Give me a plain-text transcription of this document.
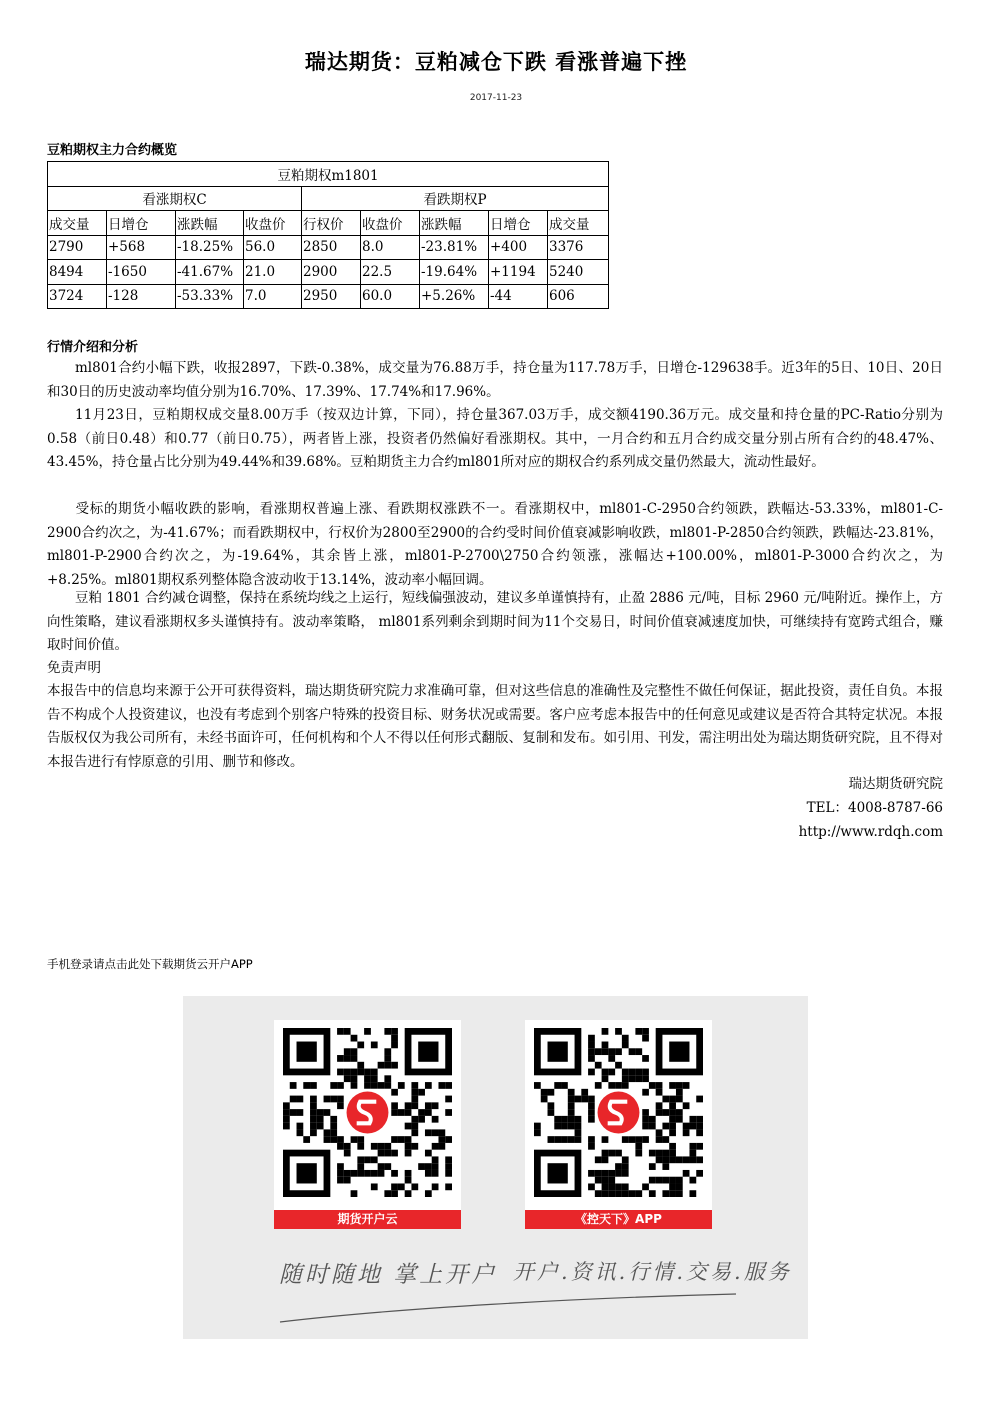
瑞达期货：豆粕减仓下跌 看涨普遍下挫
2017-11-23
豆粕期权主力合约概览
豆粕期权m1801								
看涨期权C				看跌期权P				
成交量	日增仓	涨跌幅	收盘价	行权价	收盘价	涨跌幅	日增仓	成交量
2790	+568	-18.25%	56.0	2850	8.0	-23.81%	+400	3376
8494	-1650	-41.67%	21.0	2900	22.5	-19.64%	+1194	5240
3724	-128	-53.33%	7.0	2950	60.0	+5.26%	-44	606
行情介绍和分析
ml801合约小幅下跌，收报2897，下跌-0.38%，成交量为76.88万手，持仓量为117.78万手，日增仓-129638手。近3年的5日、10日、20日和30日的历史波动率均值分别为16.70%、17.39%、17.74%和17.96%。
11月23日，豆粕期权成交量8.00万手（按双边计算，下同），持仓量367.03万手，成交额4190.36万元。成交量和持仓量的PC-Ratio分别为0.58（前日0.48）和0.77（前日0.75），两者皆上涨，投资者仍然偏好看涨期权。其中，一月合约和五月合约成交量分别占所有合约的48.47%、43.45%，持仓量占比分别为49.44%和39.68%。豆粕期货主力合约ml801所对应的期权合约系列成交量仍然最大，流动性最好。
受标的期货小幅收跌的影响，看涨期权普遍上涨、看跌期权涨跌不一。看涨期权中，ml801-C-2950合约领跌，跌幅达-53.33%，ml801-C-2900合约次之，为-41.67%；而看跌期权中，行权价为2800至2900的合约受时间价值衰减影响收跌，ml801-P-2850合约领跌，跌幅达-23.81%，ml801-P-2900合约次之，为-19.64%，其余皆上涨，ml801-P-2700\2750合约领涨，涨幅达+100.00%，ml801-P-3000合约次之，为+8.25%。ml801期权系列整体隐含波动收于13.14%，波动率小幅回调。
豆粕 1801 合约减仓调整，保持在系统均线之上运行，短线偏强波动，建议多单谨慎持有，止盈 2886 元/吨，目标 2960 元/吨附近。操作上，方向性策略，建议看涨期权多头谨慎持有。波动率策略， ml801系列剩余到期时间为11个交易日，时间价值衰减速度加快，可继续持有宽跨式组合，赚取时间价值。
免责声明
本报告中的信息均来源于公开可获得资料，瑞达期货研究院力求准确可靠，但对这些信息的准确性及完整性不做任何保证，据此投资，责任自负。本报告不构成个人投资建议，也没有考虑到个别客户特殊的投资目标、财务状况或需要。客户应考虑本报告中的任何意见或建议是否符合其特定状况。本报告版权仅为我公司所有，未经书面许可，任何机构和个人不得以任何形式翻版、复制和发布。如引用、刊发，需注明出处为瑞达期货研究院，且不得对本报告进行有悖原意的引用、删节和修改。
瑞达期货研究院
TEL：4008-8787-66
http://www.rdqh.com
手机登录请点击此处下载期货云开户APP
期货开户云	《控天下》APP
随时随地 掌上开户 开户.资讯.行情.交易.服务
